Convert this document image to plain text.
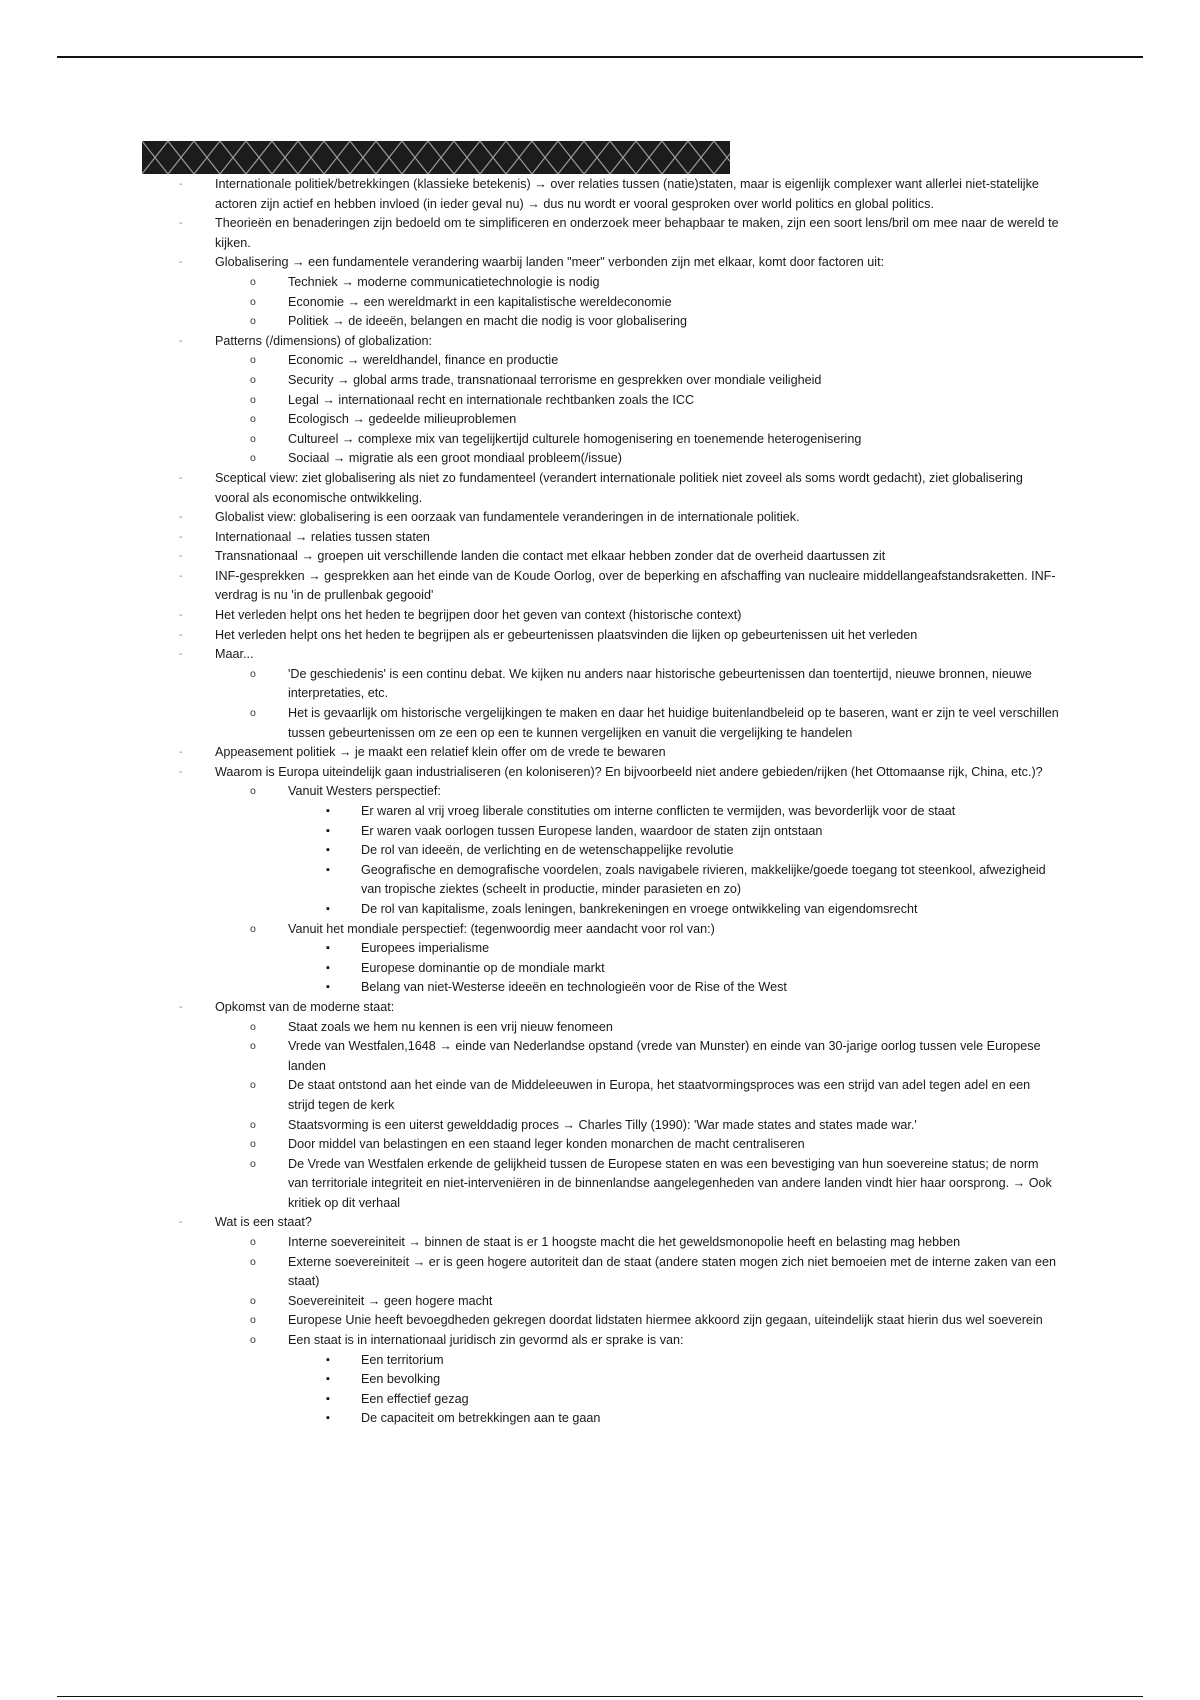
- Internationale politiek/betrekkingen (klassieke betekenis) → over relaties tussen (natie)staten, maar is eigenlijk complexer want allerlei niet-statelijke actoren zijn actief en hebben invloed (in ieder geval nu) → dus nu wordt er vooral gesproken over world politics en global politics.
- Theorieën en benaderingen zijn bedoeld om te simplificeren en onderzoek meer behapbaar te maken, zijn een soort lens/bril om mee naar de wereld te kijken.
- Globalisering → een fundamentele verandering waarbij landen "meer" verbonden zijn met elkaar, komt door factoren uit:
o Techniek → moderne communicatietechnologie is nodig
o Economie → een wereldmarkt in een kapitalistische wereldeconomie
o Politiek → de ideeën, belangen en macht die nodig is voor globalisering
- Patterns (/dimensions) of globalization:
o Economic → wereldhandel, finance en productie
o Security → global arms trade, transnationaal terrorisme en gesprekken over mondiale veiligheid
o Legal → internationaal recht en internationale rechtbanken zoals the ICC
o Ecologisch → gedeelde milieuproblemen
o Cultureel → complexe mix van tegelijkertijd culturele homogenisering en toenemende heterogenisering
o Sociaal → migratie als een groot mondiaal probleem(/issue)
- Sceptical view: ziet globalisering als niet zo fundamenteel (verandert internationale politiek niet zoveel als soms wordt gedacht), ziet globalisering vooral als economische ontwikkeling.
- Globalist view: globalisering is een oorzaak van fundamentele veranderingen in de internationale politiek.
- Internationaal → relaties tussen staten
- Transnationaal → groepen uit verschillende landen die contact met elkaar hebben zonder dat de overheid daartussen zit
- INF-gesprekken → gesprekken aan het einde van de Koude Oorlog, over de beperking en afschaffing van nucleaire middellangeafstandsraketten. INF-verdrag is nu 'in de prullenbak gegooid'
- Het verleden helpt ons het heden te begrijpen door het geven van context (historische context)
- Het verleden helpt ons het heden te begrijpen als er gebeurtenissen plaatsvinden die lijken op gebeurtenissen uit het verleden
- Maar...
o 'De geschiedenis' is een continu debat. We kijken nu anders naar historische gebeurtenissen dan toentertijd, nieuwe bronnen, nieuwe interpretaties, etc.
o Het is gevaarlijk om historische vergelijkingen te maken en daar het huidige buitenlandbeleid op te baseren, want er zijn te veel verschillen tussen gebeurtenissen om ze een op een te kunnen vergelijken en vanuit die vergelijking te handelen
- Appeasement politiek → je maakt een relatief klein offer om de vrede te bewaren
- Waarom is Europa uiteindelijk gaan industrialiseren (en koloniseren)? En bijvoorbeeld niet andere gebieden/rijken (het Ottomaanse rijk, China, etc.)?
o Vanuit Westers perspectief:
▪ Er waren al vrij vroeg liberale constituties om interne conflicten te vermijden, was bevorderlijk voor de staat
▪ Er waren vaak oorlogen tussen Europese landen, waardoor de staten zijn ontstaan
▪ De rol van ideeën, de verlichting en de wetenschappelijke revolutie
▪ Geografische en demografische voordelen, zoals navigabele rivieren, makkelijke/goede toegang tot steenkool, afwezigheid van tropische ziektes (scheelt in productie, minder parasieten en zo)
▪ De rol van kapitalisme, zoals leningen, bankrekeningen en vroege ontwikkeling van eigendomsrecht
o Vanuit het mondiale perspectief: (tegenwoordig meer aandacht voor rol van:)
▪ Europees imperialisme
▪ Europese dominantie op de mondiale markt
▪ Belang van niet-Westerse ideeën en technologieën voor de Rise of the West
- Opkomst van de moderne staat:
o Staat zoals we hem nu kennen is een vrij nieuw fenomeen
o Vrede van Westfalen,1648 → einde van Nederlandse opstand (vrede van Munster) en einde van 30-jarige oorlog tussen vele Europese landen
o De staat ontstond aan het einde van de Middeleeuwen in Europa, het staatvormingsproces was een strijd van adel tegen adel en een strijd tegen de kerk
o Staatsvorming is een uiterst gewelddadig proces → Charles Tilly (1990): 'War made states and states made war.'
o Door middel van belastingen en een staand leger konden monarchen de macht centraliseren
o De Vrede van Westfalen erkende de gelijkheid tussen de Europese staten en was een bevestiging van hun soevereine status; de norm van territoriale integriteit en niet-interveniëren in de binnenlandse aangelegenheden van andere landen vindt hier haar oorsprong. → Ook kritiek op dit verhaal
- Wat is een staat?
o Interne soevereiniteit → binnen de staat is er 1 hoogste macht die het geweldsmonopolie heeft en belasting mag hebben
o Externe soevereiniteit → er is geen hogere autoriteit dan de staat (andere staten mogen zich niet bemoeien met de interne zaken van een staat)
o Soevereiniteit → geen hogere macht
o Europese Unie heeft bevoegdheden gekregen doordat lidstaten hiermee akkoord zijn gegaan, uiteindelijk staat hierin dus wel soeverein
o Een staat is in internationaal juridisch zin gevormd als er sprake is van:
▪ Een territorium
▪ Een bevolking
▪ Een effectief gezag
▪ De capaciteit om betrekkingen aan te gaan
